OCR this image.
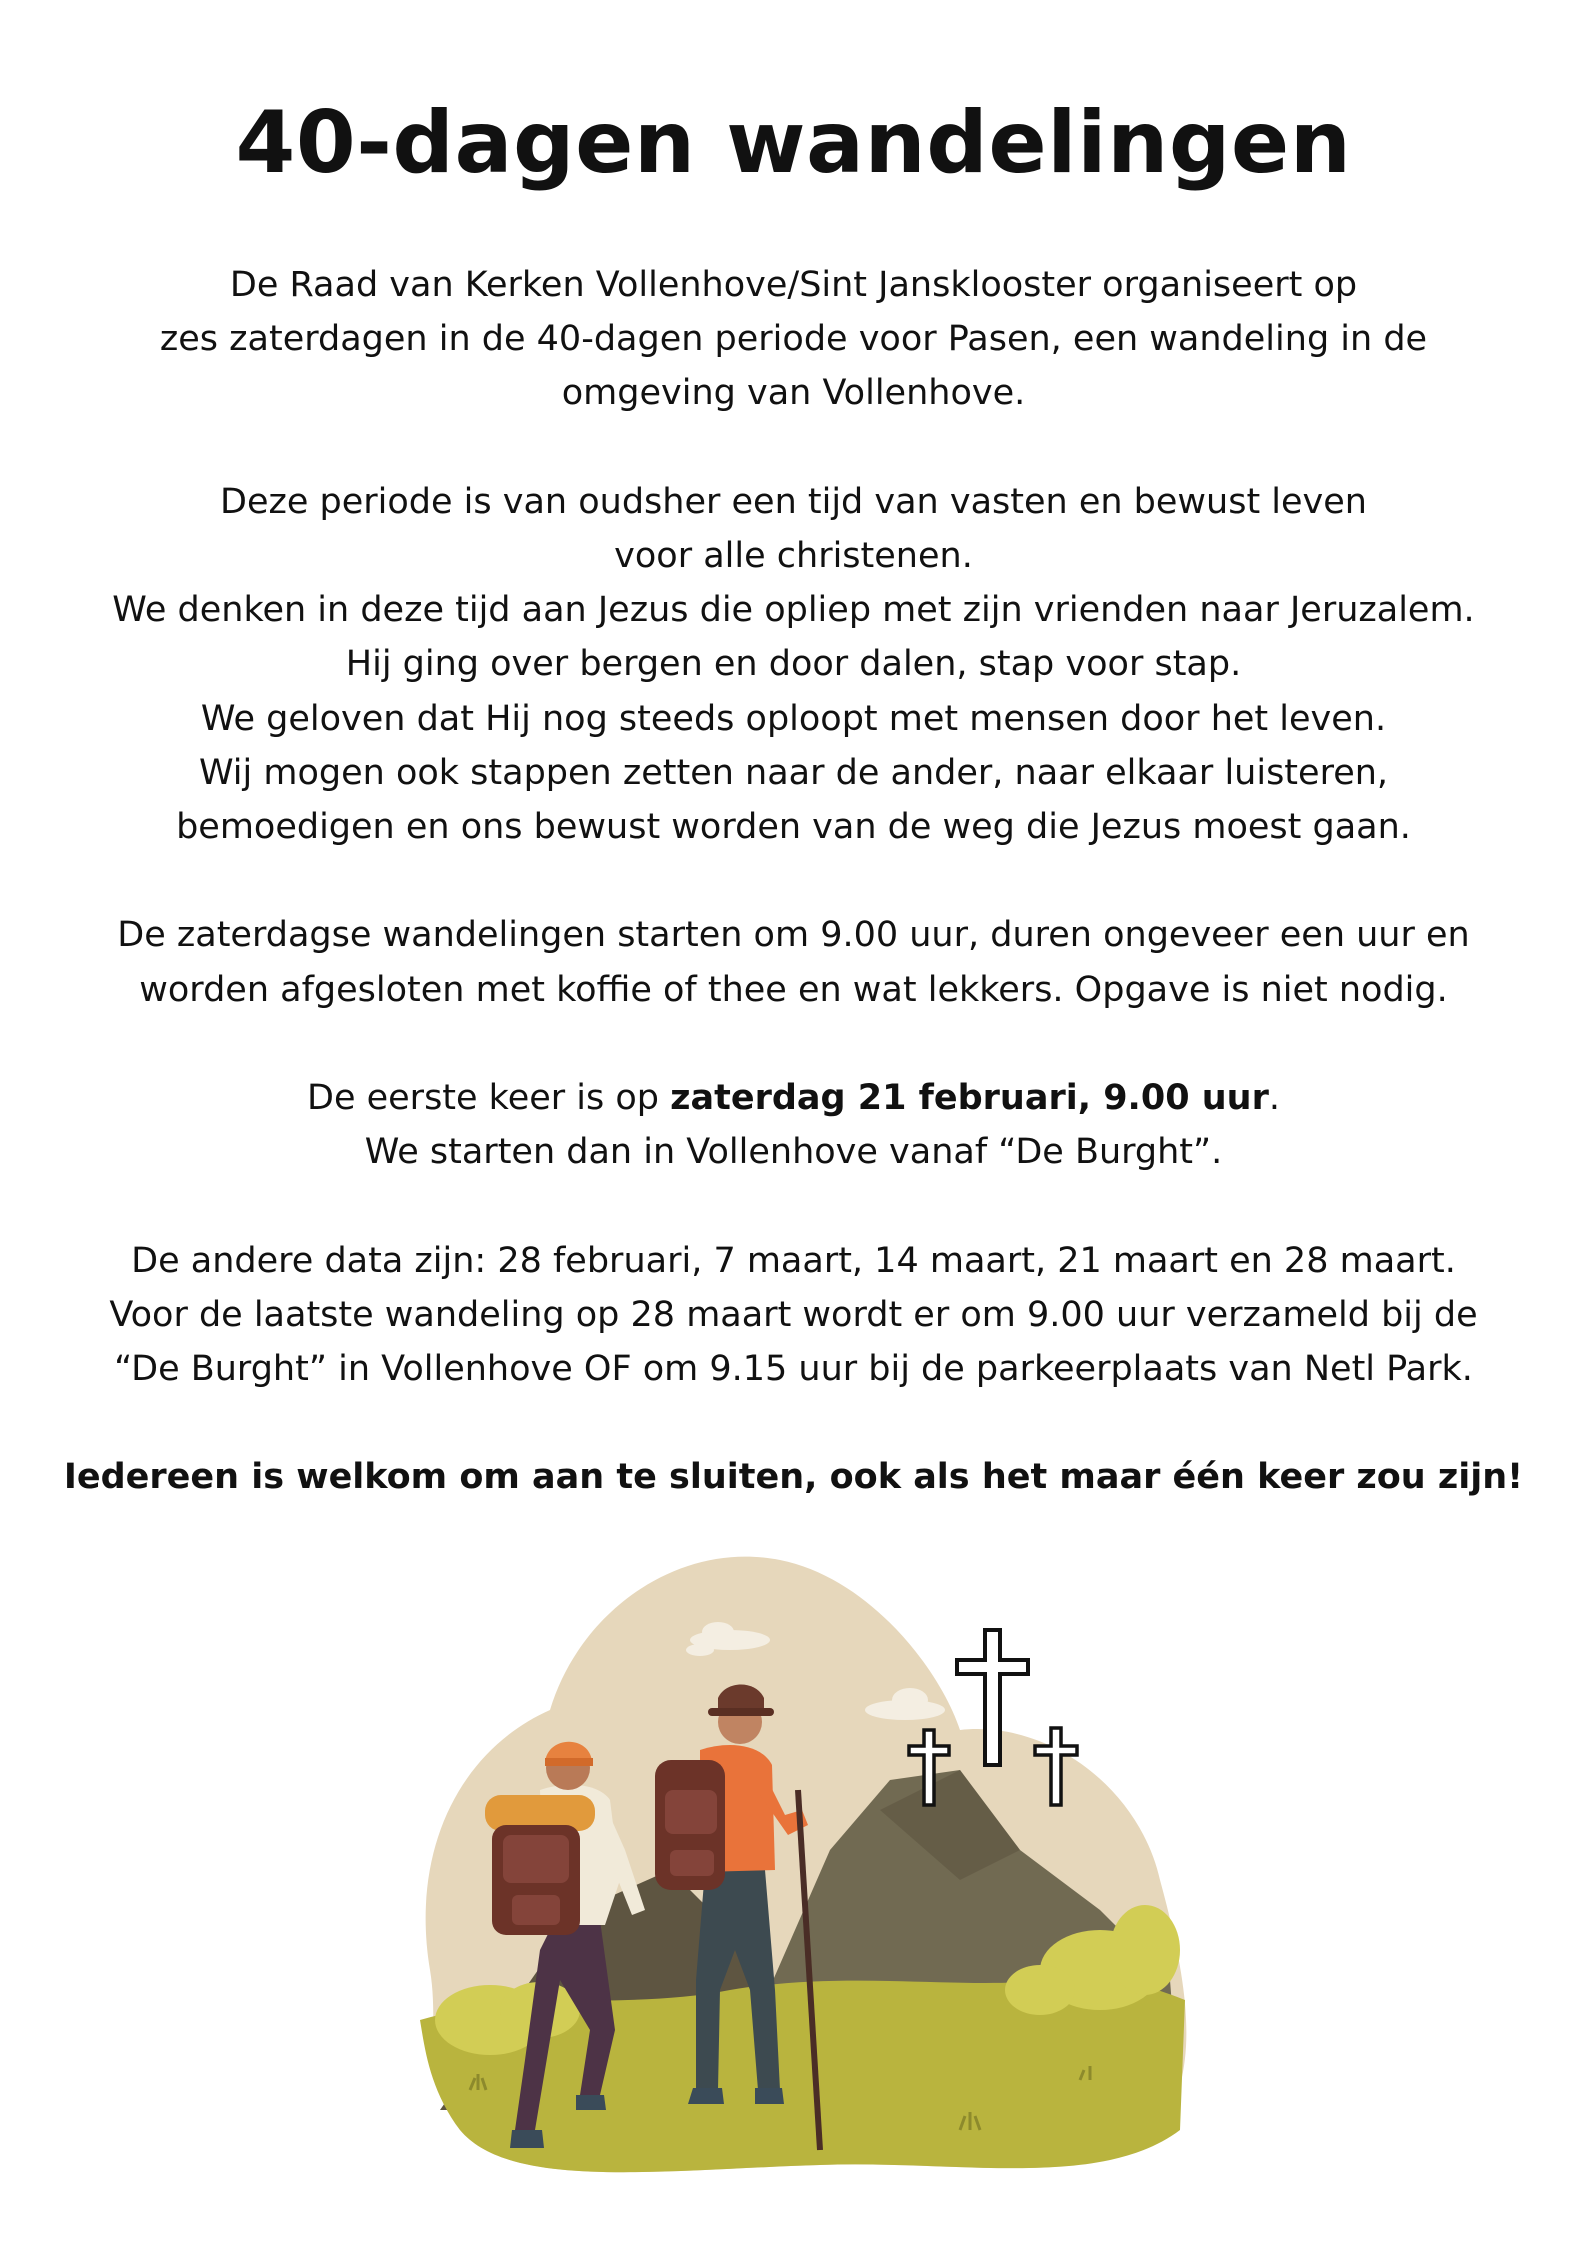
40-dagen wandelingen

De Raad van Kerken Vollenhove/Sint Jansklooster organiseert op
zes zaterdagen in de 40-dagen periode voor Pasen, een wandeling in de
omgeving van Vollenhove.

Deze periode is van oudsher een tijd van vasten en bewust leven
voor alle christenen.
We denken in deze tijd aan Jezus die opliep met zijn vrienden naar Jeruzalem.
Hij ging over bergen en door dalen, stap voor stap.
We geloven dat Hij nog steeds oploopt met mensen door het leven.
Wij mogen ook stappen zetten naar de ander, naar elkaar luisteren,
bemoedigen en ons bewust worden van de weg die Jezus moest gaan.

De zaterdagse wandelingen starten om 9.00 uur, duren ongeveer een uur en
worden afgesloten met koffie of thee en wat lekkers. Opgave is niet nodig.

De eerste keer is op zaterdag 21 februari, 9.00 uur.
We starten dan in Vollenhove vanaf “De Burght”.

De andere data zijn: 28 februari, 7 maart, 14 maart, 21 maart en 28 maart.
Voor de laatste wandeling op 28 maart wordt er om 9.00 uur verzameld bij de
“De Burght” in Vollenhove OF om 9.15 uur bij de parkeerplaats van Netl Park.

Iedereen is welkom om aan te sluiten, ook als het maar één keer zou zijn!
